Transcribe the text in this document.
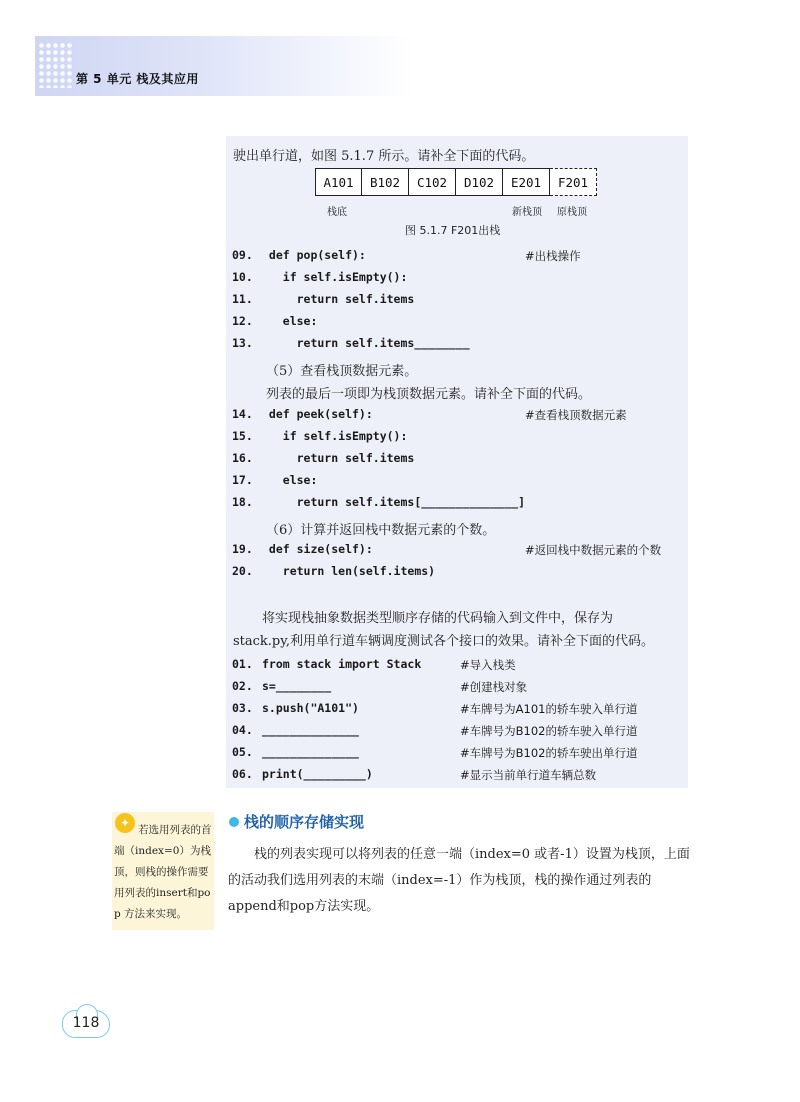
第 5 单元 栈及其应用
驶出单行道，如图 5.1.7 所示。请补全下面的代码。
A101	B102	C102	D102	E201	F201
栈底	新栈顶 原栈顶
图 5.1.7 F201出栈
09. def pop(self):	#出栈操作
10.   if self.isEmpty():
11.     return self.items
12.   else:
13.     return self.items________
（5）查看栈顶数据元素。
列表的最后一项即为栈顶数据元素。请补全下面的代码。
14. def peek(self):	#查看栈顶数据元素
15.   if self.isEmpty():
16.     return self.items
17.   else:
18.     return self.items[______________]
（6）计算并返回栈中数据元素的个数。
19. def size(self):	#返回栈中数据元素的个数
20.   return len(self.items)
将实现栈抽象数据类型顺序存储的代码输入到文件中，保存为
stack.py,利用单行道车辆调度测试各个接口的效果。请补全下面的代码。
01. from stack import Stack	#导入栈类
02. s=________	#创建栈对象
03. s.push("A101")	#车牌号为A101的轿车驶入单行道
04. ______________	#车牌号为B102的轿车驶入单行道
05. ______________	#车牌号为B102的轿车驶出单行道
06. print(_________)	#显示当前单行道车辆总数
若选用列表的首端（index=0）为栈顶，则栈的操作需要用列表的insert和pop 方法来实现。
✦	栈的顺序存储实现
栈的列表实现可以将列表的任意一端（index=0 或者-1）设置为栈顶，上面的活动我们选用列表的末端（index=-1）作为栈顶，栈的操作通过列表的append和pop方法实现。
118
